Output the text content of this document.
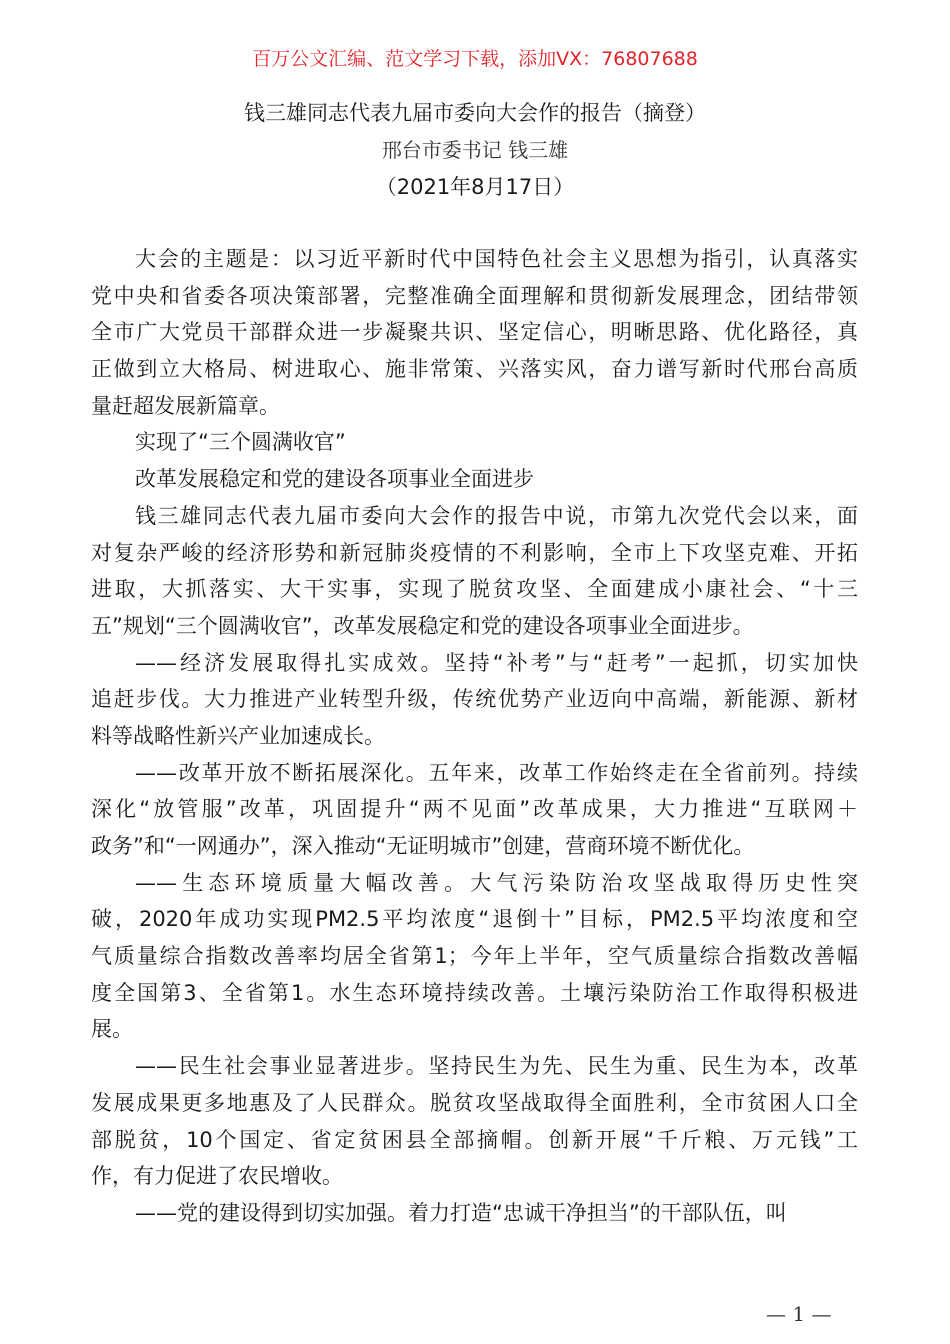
百万公文汇编、范文学习下载，添加VX：76807688
钱三雄同志代表九届市委向大会作的报告（摘登）
邢台市委书记 钱三雄
（2021年8月17日）
大会的主题是：以习近平新时代中国特色社会主义思想为指引，认真落实
党中央和省委各项决策部署，完整准确全面理解和贯彻新发展理念，团结带领
全市广大党员干部群众进一步凝聚共识、坚定信心，明晰思路、优化路径，真
正做到立大格局、树进取心、施非常策、兴落实风，奋力谱写新时代邢台高质
量赶超发展新篇章。
实现了“三个圆满收官”
改革发展稳定和党的建设各项事业全面进步
钱三雄同志代表九届市委向大会作的报告中说，市第九次党代会以来，面
对复杂严峻的经济形势和新冠肺炎疫情的不利影响，全市上下攻坚克难、开拓
进取，大抓落实、大干实事，实现了脱贫攻坚、全面建成小康社会、“十三
五”规划“三个圆满收官”，改革发展稳定和党的建设各项事业全面进步。
——经济发展取得扎实成效。坚持“补考”与“赶考”一起抓，切实加快
追赶步伐。大力推进产业转型升级，传统优势产业迈向中高端，新能源、新材
料等战略性新兴产业加速成长。
——改革开放不断拓展深化。五年来，改革工作始终走在全省前列。持续
深化“放管服”改革，巩固提升“两不见面”改革成果，大力推进“互联网＋
政务”和“一网通办”，深入推动“无证明城市”创建，营商环境不断优化。
——生态环境质量大幅改善。大气污染防治攻坚战取得历史性突
破，2020年成功实现PM2.5平均浓度“退倒十”目标，PM2.5平均浓度和空
气质量综合指数改善率均居全省第1；今年上半年，空气质量综合指数改善幅
度全国第3、全省第1。水生态环境持续改善。土壤污染防治工作取得积极进
展。
——民生社会事业显著进步。坚持民生为先、民生为重、民生为本，改革
发展成果更多地惠及了人民群众。脱贫攻坚战取得全面胜利，全市贫困人口全
部脱贫，10个国定、省定贫困县全部摘帽。创新开展“千斤粮、万元钱”工
作，有力促进了农民增收。
——党的建设得到切实加强。着力打造“忠诚干净担当”的干部队伍，叫
— 1 —
